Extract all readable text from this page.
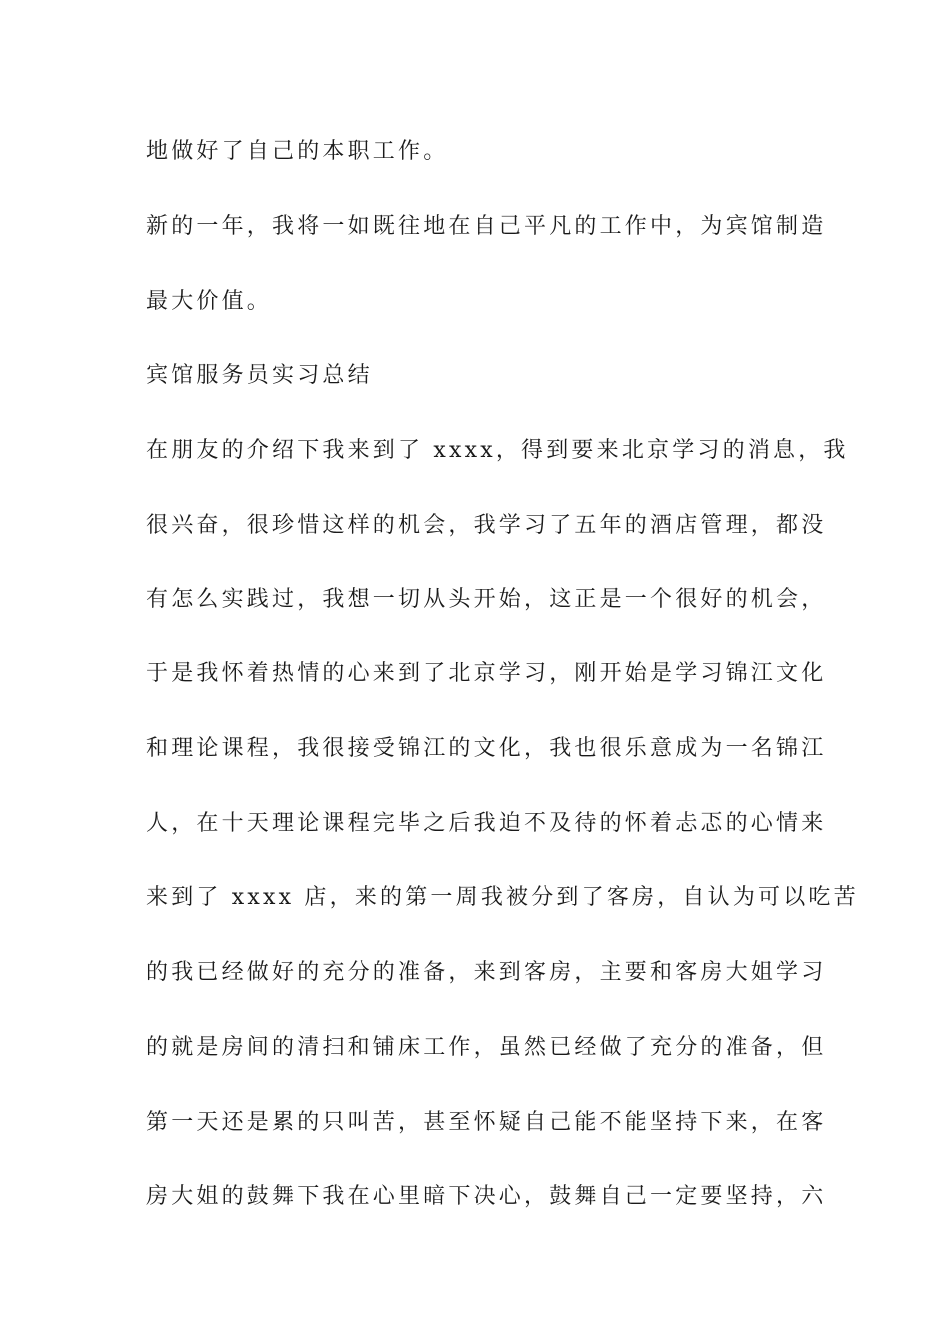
地做好了自己的本职工作。
新的一年，我将一如既往地在自己平凡的工作中，为宾馆制造
最大价值。
宾馆服务员实习总结
在朋友的介绍下我来到了 xxxx，得到要来北京学习的消息，我
很兴奋，很珍惜这样的机会，我学习了五年的酒店管理，都没
有怎么实践过，我想一切从头开始，这正是一个很好的机会，
于是我怀着热情的心来到了北京学习，刚开始是学习锦江文化
和理论课程，我很接受锦江的文化，我也很乐意成为一名锦江
人，在十天理论课程完毕之后我迫不及待的怀着忐忑的心情来
来到了 xxxx 店，来的第一周我被分到了客房，自认为可以吃苦
的我已经做好的充分的准备，来到客房，主要和客房大姐学习
的就是房间的清扫和铺床工作，虽然已经做了充分的准备，但
第一天还是累的只叫苦，甚至怀疑自己能不能坚持下来，在客
房大姐的鼓舞下我在心里暗下决心，鼓舞自己一定要坚持，六
